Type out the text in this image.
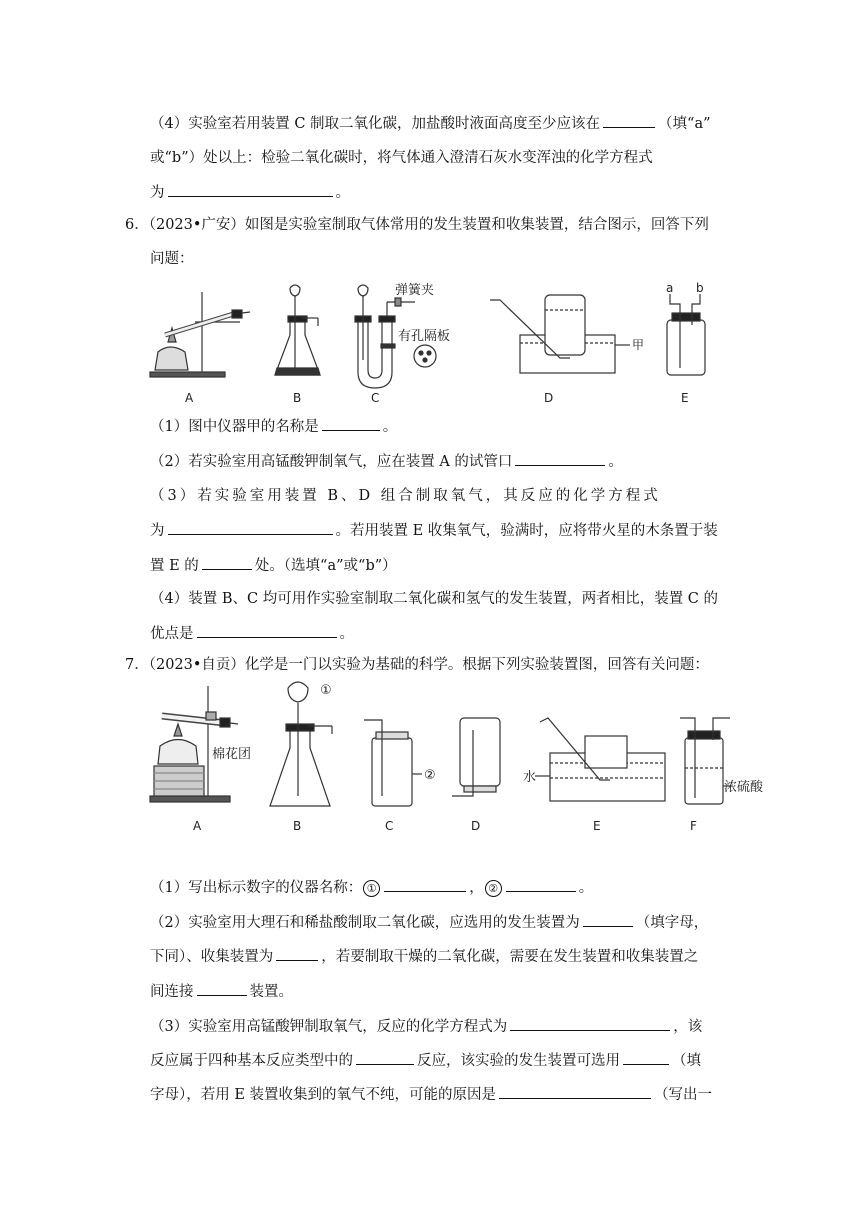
（4）实验室若用装置 C 制取二氧化碳，加盐酸时液面高度至少应该在	（填“a”
或“b”）处以上：检验二氧化碳时，将气体通入澄清石灰水变浑浊的化学方程式
为	。
6．（2023•广安）如图是实验室制取气体常用的发生装置和收集装置，结合图示，回答下列
问题：
弹簧夹
有孔隔板
甲
a b
A	B	C	D	E
（1）图中仪器甲的名称是	。
（2）若实验室用高锰酸钾制氧气，应在装置 A 的试管口	。
（3）若实验室用装置 B、D 组合制取氧气，其反应的化学方程式
为	。若用装置 E 收集氧气，验满时，应将带火星的木条置于装
置 E 的	处。（选填“a”或“b”）
（4）装置 B、C 均可用作实验室制取二氧化碳和氢气的发生装置，两者相比，装置 C 的
优点是	。
7．（2023•自贡）化学是一门以实验为基础的科学。根据下列实验装置图，回答有关问题：
棉花团
①
②	水
浓硫酸
A	B	C	D	E	F
（1）写出标示数字的仪器名称： ①	， ②	。
（2）实验室用大理石和稀盐酸制取二氧化碳，应选用的发生装置为	（填字母，
下同）、收集装置为	，若要制取干燥的二氧化碳，需要在发生装置和收集装置之
间连接	装置。
（3）实验室用高锰酸钾制取氧气，反应的化学方程式为	，该
反应属于四种基本反应类型中的	反应，该实验的发生装置可选用	（填
字母），若用 E 装置收集到的氧气不纯，可能的原因是	（写出一
